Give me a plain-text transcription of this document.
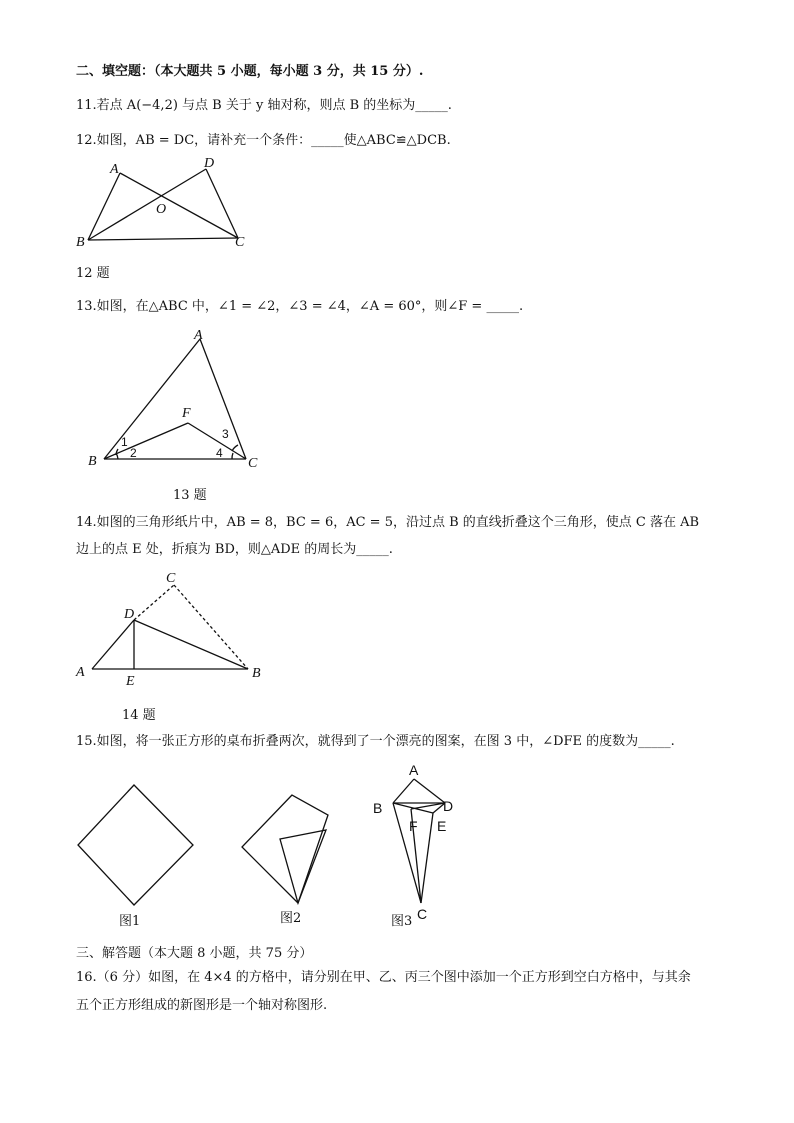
二、填空题：（本大题共 5 小题，每小题 3 分，共 15 分）.
11.若点 A(−4,2) 与点 B 关于 y 轴对称，则点 B 的坐标为_____.
12.如图，AB = DC，请补充一个条件：_____使△ABC≌△DCB.
A	D
O
B	C
12 题
13.如图，在△ABC 中，∠1 = ∠2，∠3 = ∠4，∠A = 60°，则∠F = _____.
A
F
B	C
1
2
3
4
13 题
14.如图的三角形纸片中，AB = 8，BC = 6，AC = 5，沿过点 B 的直线折叠这个三角形，使点 C 落在 AB
边上的点 E 处，折痕为 BD，则△ADE 的周长为_____.
C
D
A
E
B
14 题
15.如图，将一张正方形的桌布折叠两次，就得到了一个漂亮的图案，在图 3 中，∠DFE 的度数为_____.
图1	图2
A
B	D
F E
C
图3
三、解答题（本大题 8 小题，共 75 分）
16.（6 分）如图，在 4×4 的方格中，请分别在甲、乙、丙三个图中添加一个正方形到空白方格中，与其余
五个正方形组成的新图形是一个轴对称图形.
